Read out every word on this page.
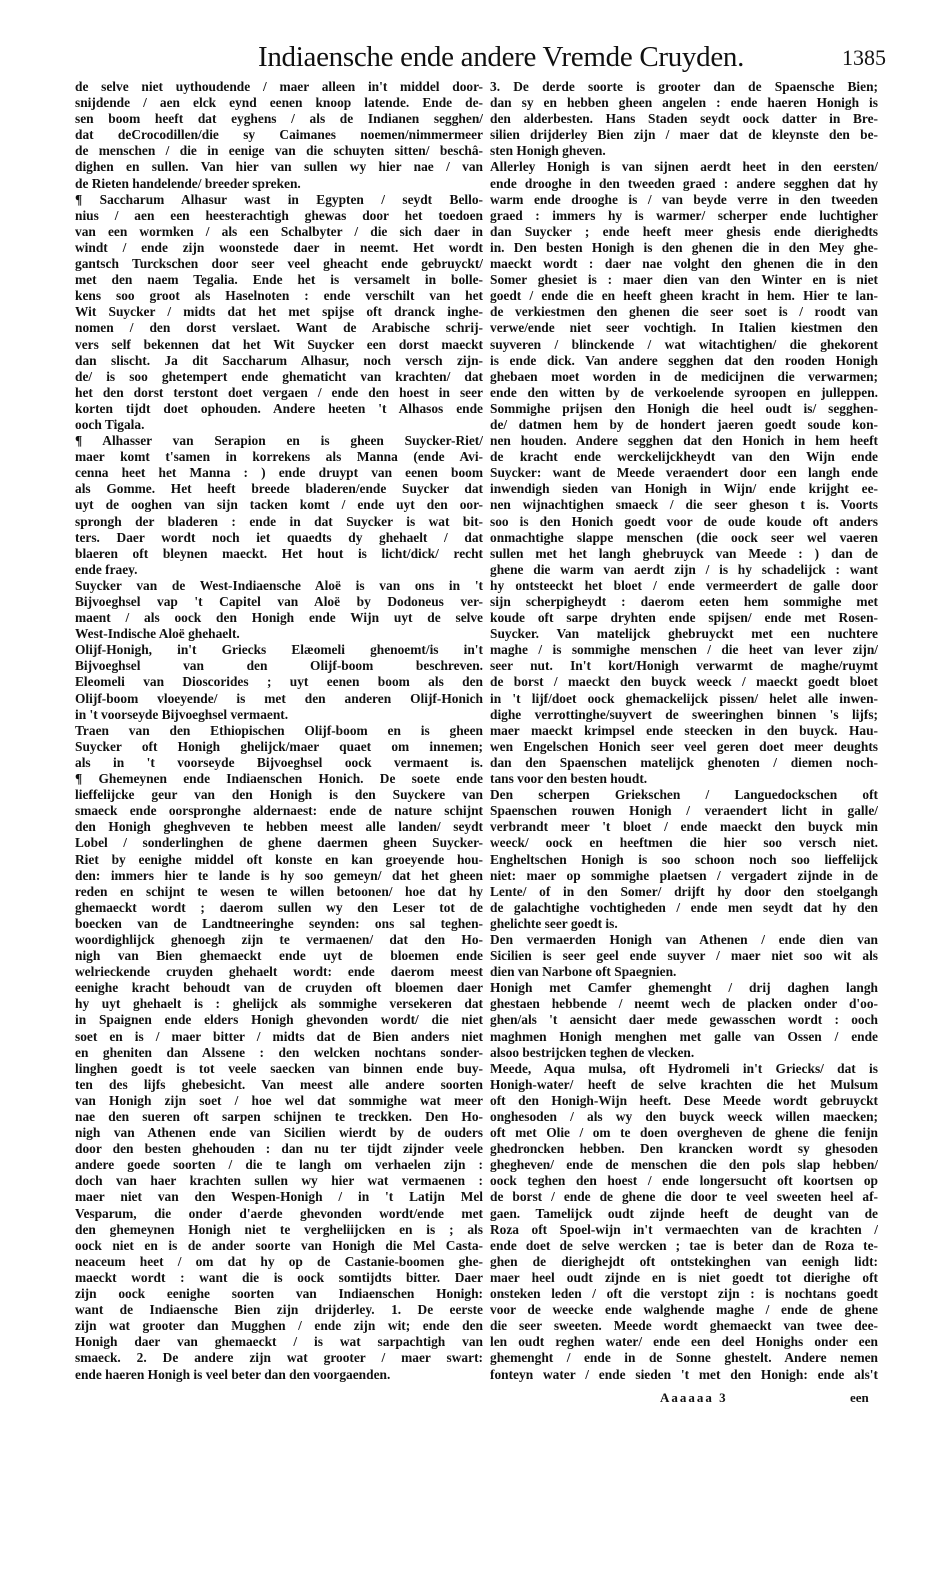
Indiaensche ende andere Vremde Cruyden.	1385
de selve niet uythoudende / maer alleen in't middel door-
snijdende / aen elck eynd eenen knoop latende. Ende de-
sen boom heeft dat eyghens / als de Indianen segghen/
dat deCrocodillen/die sy Caimanes noemen/nimmermeer
de menschen / die in eenige van die schuyten sitten/ beschâ-
dighen en sullen. Van hier van sullen wy hier nae / van
de Rieten handelende/ breeder spreken.
¶ Saccharum Alhasur wast in Egypten / seydt Bello-
nius / aen een heesterachtigh ghewas door het toedoen
van een wormken / als een Schalbyter / die sich daer in
windt / ende zijn woonstede daer in neemt. Het wordt
gantsch Turckschen door seer veel gheacht ende gebruyckt/
met den naem Tegalia. Ende het is versamelt in bolle-
kens soo groot als Haselnoten : ende verschilt van het
Wit Suycker / midts dat het met spijse oft dranck inghe-
nomen / den dorst verslaet. Want de Arabische schrij-
vers self bekennen dat het Wit Suycker een dorst maeckt
dan slischt. Ja dit Saccharum Alhasur, noch versch zijn-
de/ is soo ghetempert ende ghematicht van krachten/ dat
het den dorst terstont doet vergaen / ende den hoest in seer
korten tijdt doet ophouden. Andere heeten 't Alhasos ende
ooch Tigala.
¶ Alhasser van Serapion en is gheen Suycker-Riet/
maer komt t'samen in korrekens als Manna (ende Avi-
cenna heet het Manna : ) ende druypt van eenen boom
als Gomme. Het heeft breede bladeren/ende Suycker dat
uyt de ooghen van sijn tacken komt / ende uyt den oor-
sprongh der bladeren : ende in dat Suycker is wat bit-
ters. Daer wordt noch iet quaedts dy ghehaelt / dat
blaeren oft bleynen maeckt. Het hout is licht/dick/ recht
ende fraey.
Suycker van de West-Indiaensche Aloë is van ons in 't
Bijvoeghsel vap 't Capitel van Aloë by Dodoneus ver-
maent / als oock den Honigh ende Wijn uyt de selve
West-Indische Aloë ghehaelt.
Olijf-Honigh, in't Griecks Elæomeli ghenoemt/is in't
Bijvoeghsel van den Olijf-boom beschreven.
Eleomeli van Dioscorides ; uyt eenen boom als den
Olijf-boom vloeyende/ is met den anderen Olijf-Honich
in 't voorseyde Bijvoeghsel vermaent.
Traen van den Ethiopischen Olijf-boom en is gheen
Suycker oft Honigh ghelijck/maer quaet om innemen;
als in 't voorseyde Bijvoeghsel oock vermaent is.
¶ Ghemeynen ende Indiaenschen Honich. De soete ende
lieffelijcke geur van den Honigh is den Suyckere van
smaeck ende oorspronghe aldernaest: ende de nature schijnt
den Honigh gheghveven te hebben meest alle landen/ seydt
Lobel / sonderlinghen de ghene daermen gheen Suycker-
Riet by eenighe middel oft konste en kan groeyende hou-
den: immers hier te lande is hy soo gemeyn/ dat het gheen
reden en schijnt te wesen te willen betoonen/ hoe dat hy
ghemaeckt wordt ; daerom sullen wy den Leser tot de
boecken van de Landtneeringhe seynden: ons sal teghen-
woordighlijck ghenoegh zijn te vermaenen/ dat den Ho-
nigh van Bien ghemaeckt ende uyt de bloemen ende
welrieckende cruyden ghehaelt wordt: ende daerom meest
eenighe kracht behoudt van de cruyden oft bloemen daer
hy uyt ghehaelt is : ghelijck als sommighe versekeren dat
in Spaignen ende elders Honigh ghevonden wordt/ die niet
soet en is / maer bitter / midts dat de Bien anders niet
en gheniten dan Alssene : den welcken nochtans sonder-
linghen goedt is tot veele saecken van binnen ende buy-
ten des lijfs ghebesicht. Van meest alle andere soorten
van Honigh zijn soet / hoe wel dat sommighe wat meer
nae den sueren oft sarpen schijnen te treckken. Den Ho-
nigh van Athenen ende van Sicilien wierdt by de ouders
door den besten ghehouden : dan nu ter tijdt zijnder veele
andere goede soorten / die te langh om verhaelen zijn :
doch van haer krachten sullen wy hier wat vermaenen :
maer niet van den Wespen-Honigh / in 't Latijn Mel
Vesparum, die onder d'aerde ghevonden wordt/ende met
den ghemeynen Honigh niet te vergheliijcken en is ; als
oock niet en is de ander soorte van Honigh die Mel Casta-
neaceum heet / om dat hy op de Castanie-boomen ghe-
maeckt wordt : want die is oock somtijdts bitter. Daer
zijn oock eenighe soorten van Indiaenschen Honigh:
want de Indiaensche Bien zijn drijderley. 1. De eerste
zijn wat grooter dan Mugghen / ende zijn wit; ende den
Honigh daer van ghemaeckt / is wat sarpachtigh van
smaeck. 2. De andere zijn wat grooter / maer swart:
ende haeren Honigh is veel beter dan den voorgaenden.
3. De derde soorte is grooter dan de Spaensche Bien;
dan sy en hebben gheen angelen : ende haeren Honigh is
den alderbesten. Hans Staden seydt oock datter in Bre-
silien drijderley Bien zijn / maer dat de kleynste den be-
sten Honigh gheven.
Allerley Honigh is van sijnen aerdt heet in den eersten/
ende drooghe in den tweeden graed : andere segghen dat hy
warm ende drooghe is / van beyde verre in den tweeden
graed : immers hy is warmer/ scherper ende luchtigher
dan Suycker ; ende heeft meer ghesis ende dierighedts
in. Den besten Honigh is den ghenen die in den Mey ghe-
maeckt wordt : daer nae volght den ghenen die in den
Somer ghesiet is : maer dien van den Winter en is niet
goedt / ende die en heeft gheen kracht in hem. Hier te lan-
de verkiestmen den ghenen die seer soet is / roodt van
verwe/ende niet seer vochtigh. In Italien kiestmen den
suyveren / blinckende / wat witachtighen/ die ghekorent
is ende dick. Van andere segghen dat den rooden Honigh
ghebaen moet worden in de medicijnen die verwarmen;
ende den witten by de verkoelende syroopen en julleppen.
Sommighe prijsen den Honigh die heel oudt is/ segghen-
de/ datmen hem by de hondert jaeren goedt soude kon-
nen houden. Andere segghen dat den Honich in hem heeft
de kracht ende werckelijckheydt van den Wijn ende
Suycker: want de Meede veraendert door een langh ende
inwendigh sieden van Honigh in Wijn/ ende krijght ee-
nen wijnachtighen smaeck / die seer gheson t is. Voorts
soo is den Honich goedt voor de oude koude oft anders
onmachtighe slappe menschen (die oock seer wel vaeren
sullen met het langh ghebruyck van Meede : ) dan de
ghene die warm van aerdt zijn / is hy schadelijck : want
hy ontsteeckt het bloet / ende vermeerdert de galle door
sijn scherpigheydt : daerom eeten hem sommighe met
koude oft sarpe dryhten ende spijsen/ ende met Rosen-
Suycker. Van matelijck ghebruyckt met een nuchtere
maghe / is sommighe menschen / die heet van lever zijn/
seer nut. In't kort/Honigh verwarmt de maghe/ruymt
de borst / maeckt den buyck weeck / maeckt goedt bloet
in 't lijf/doet oock ghemackelijck pissen/ helet alle inwen-
dighe verrottinghe/suyvert de sweeringhen binnen 's lijfs;
maer maeckt krimpsel ende steecken in den buyck. Hau-
wen Engelschen Honich seer veel geren doet meer deughts
dan den Spaenschen matelijck ghenoten / diemen noch-
tans voor den besten houdt.
Den scherpen Griekschen / Languedockschen oft
Spaenschen rouwen Honigh / veraendert licht in galle/
verbrandt meer 't bloet / ende maeckt den buyck min
weeck/ oock en heeftmen die hier soo versch niet.
Engheltschen Honigh is soo schoon noch soo lieffelijck
niet: maer op sommighe plaetsen / vergadert zijnde in de
Lente/ of in den Somer/ drijft hy door den stoelgangh
de galachtighe vochtigheden / ende men seydt dat hy den
ghelichte seer goedt is.
Den vermaerden Honigh van Athenen / ende dien van
Sicilien is seer geel ende suyver / maer niet soo wit als
dien van Narbone oft Spaegnien.
Honigh met Camfer ghemenght / drij daghen langh
ghestaen hebbende / neemt wech de placken onder d'oo-
ghen/als 't aensicht daer mede gewasschen wordt : ooch
maghmen Honigh menghen met galle van Ossen / ende
alsoo bestrijcken teghen de vlecken.
Meede, Aqua mulsa, oft Hydromeli in't Griecks/ dat is
Honigh-water/ heeft de selve krachten die het Mulsum
oft den Honigh-Wijn heeft. Dese Meede wordt gebruyckt
onghesoden / als wy den buyck weeck willen maecken;
oft met Olie / om te doen overgheven de ghene die fenijn
ghedroncken hebben. Den krancken wordt sy ghesoden
ghegheven/ ende de menschen die den pols slap hebben/
oock teghen den hoest / ende longersucht oft koortsen op
de borst / ende de ghene die door te veel sweeten heel af-
gaen. Tamelijck oudt zijnde heeft de deught van de
Roza oft Spoel-wijn in't vermaechten van de krachten /
ende doet de selve wercken ; tae is beter dan de Roza te-
ghen de dierighejdt oft ontstekinghen van eenigh lidt:
maer heel oudt zijnde en is niet goedt tot dierighe oft
onsteken leden / oft die verstopt zijn : is nochtans goedt
voor de weecke ende walghende maghe / ende de ghene
die seer sweeten. Meede wordt ghemaeckt van twee dee-
len oudt reghen water/ ende een deel Honighs onder een
ghemenght / ende in de Sonne ghestelt. Andere nemen
fonteyn water / ende sieden 't met den Honigh: ende als't
Aaaaaa 3	een
